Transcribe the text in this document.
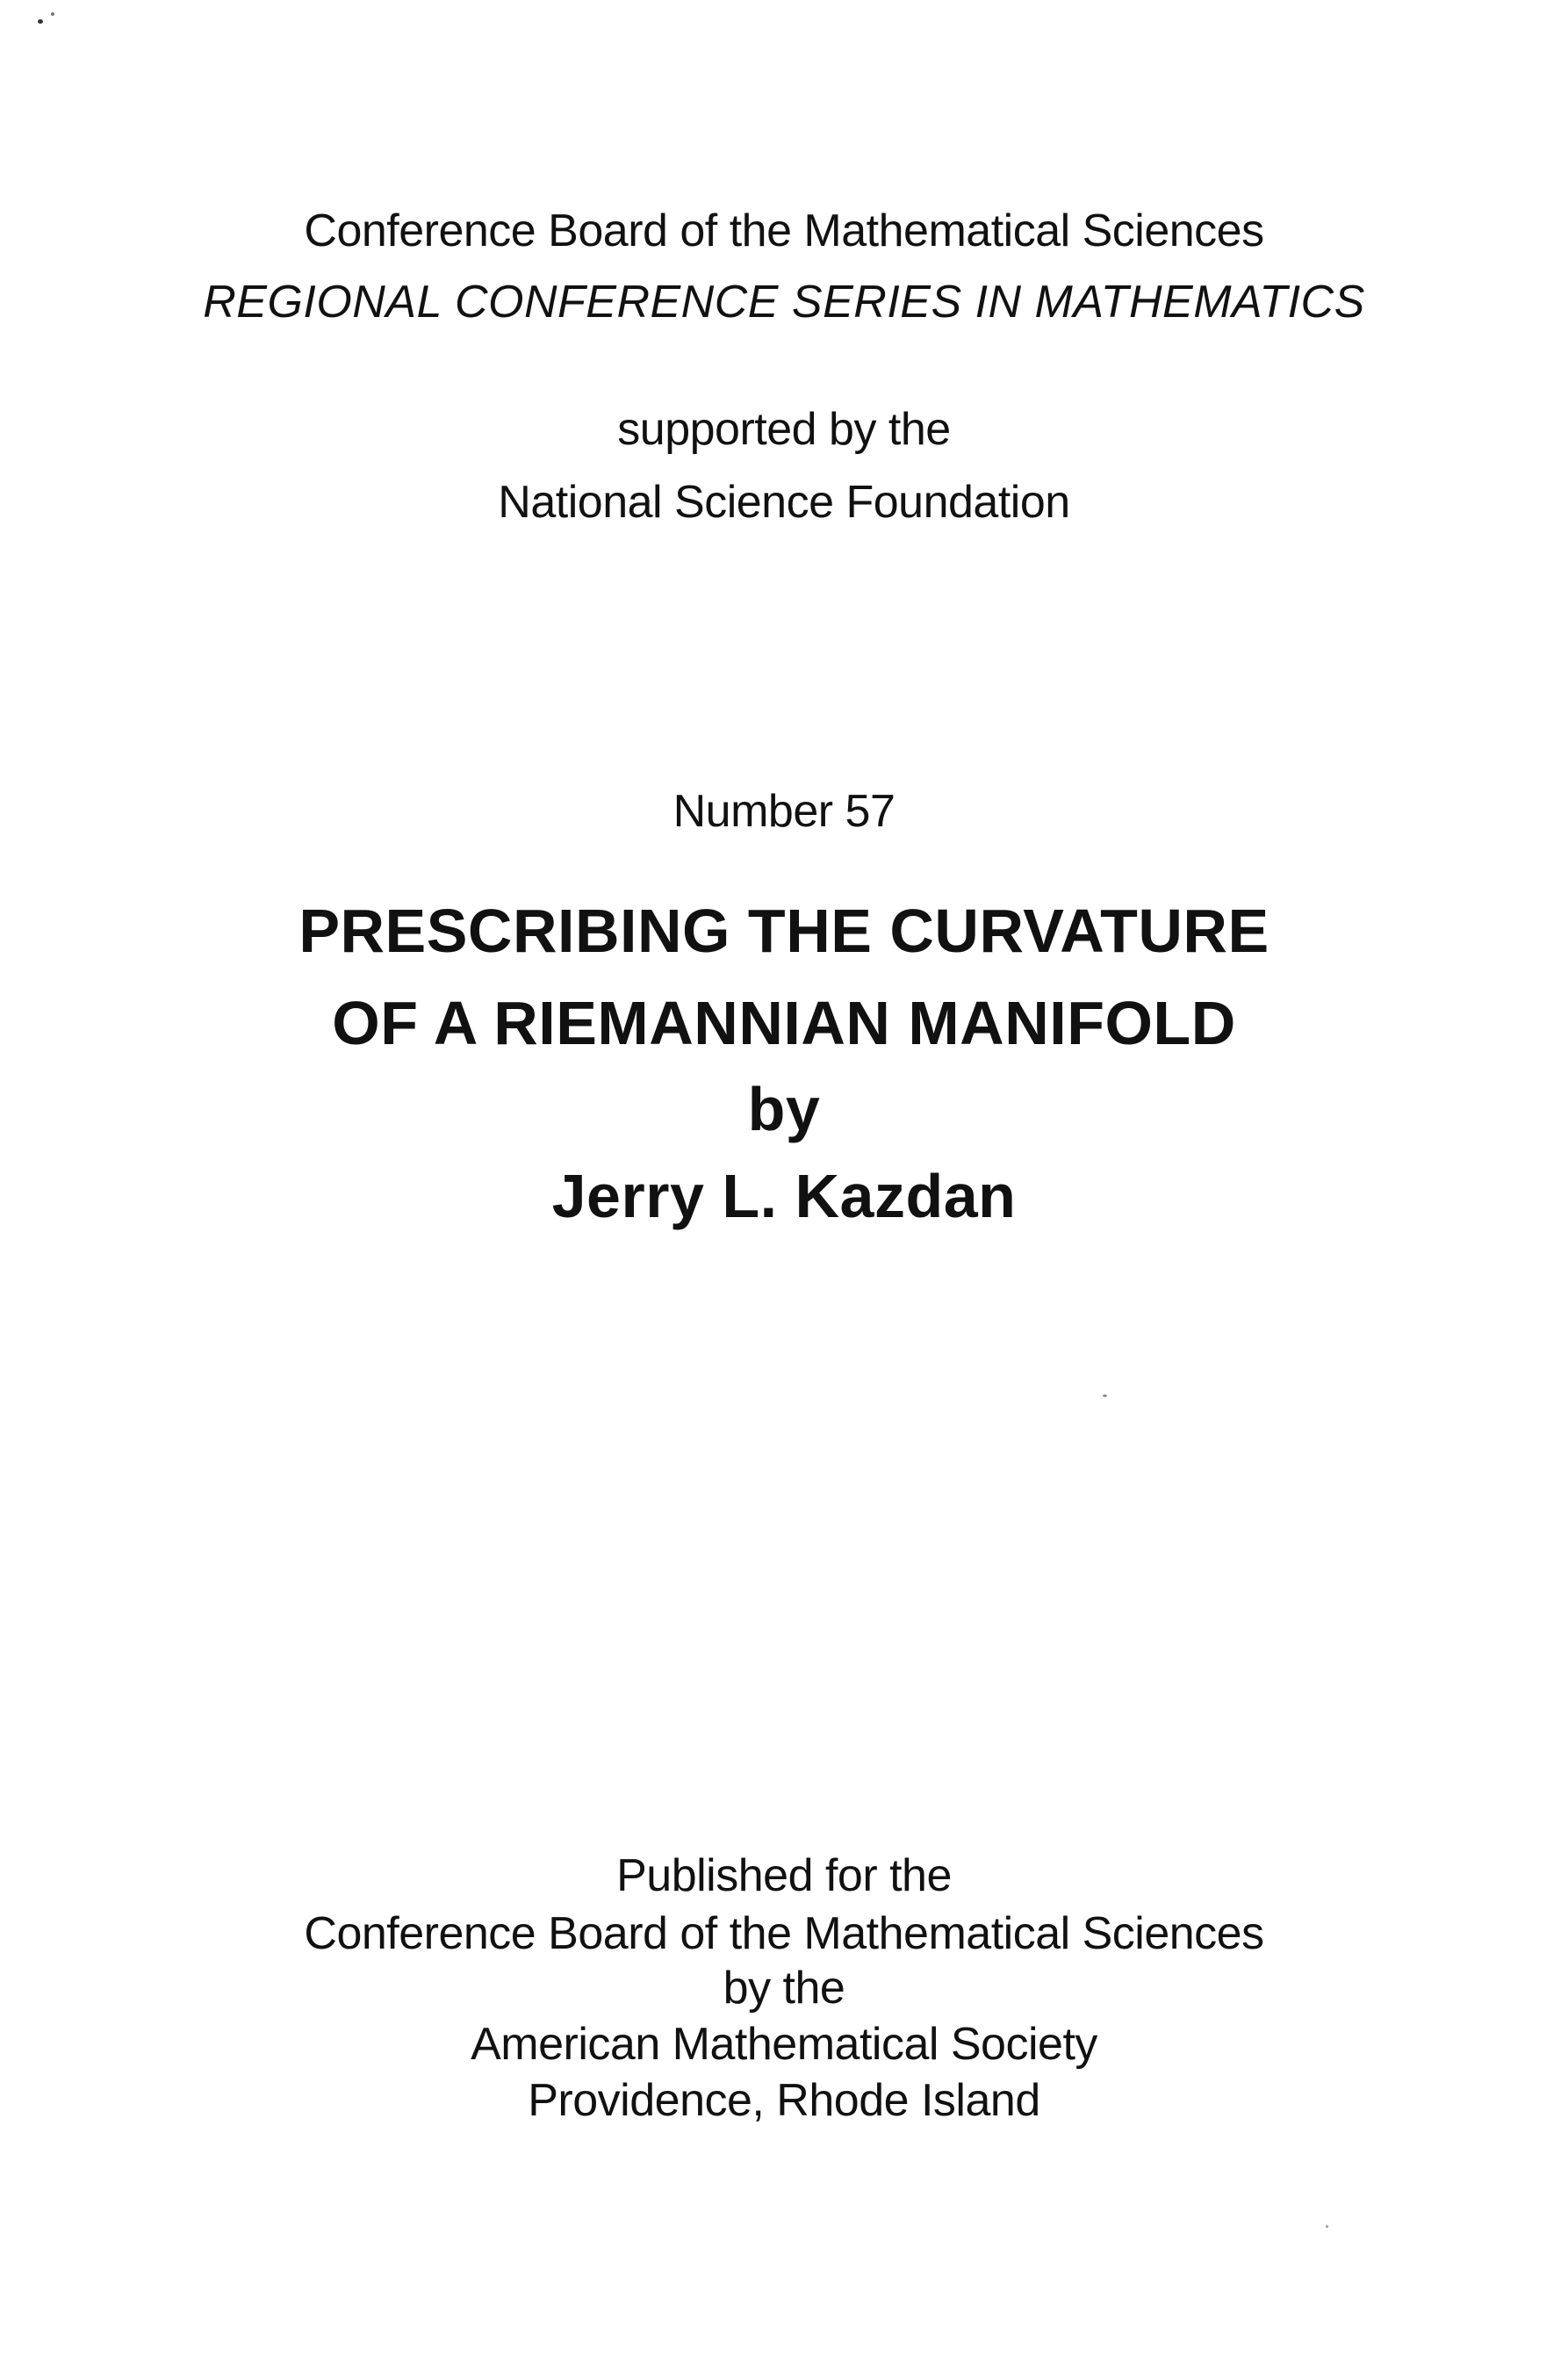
Conference Board of the Mathematical Sciences

REGIONAL CONFERENCE SERIES IN MATHEMATICS

supported by the

National Science Foundation

Number 57

PRESCRIBING THE CURVATURE

OF A RIEMANNIAN MANIFOLD

by

Jerry L. Kazdan

Published for the

Conference Board of the Mathematical Sciences

by the

American Mathematical Society

Providence, Rhode Island
